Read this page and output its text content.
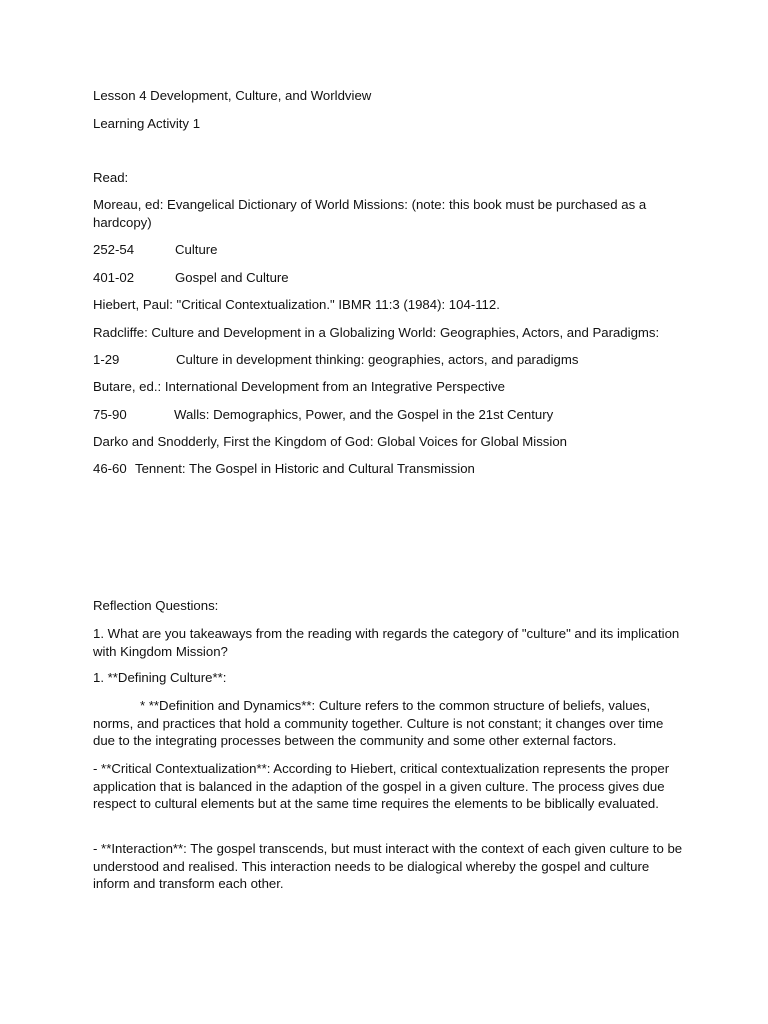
Lesson 4 Development, Culture, and Worldview

Learning Activity 1

Read:

Moreau, ed: Evangelical Dictionary of World Missions: (note: this book must be purchased as a hardcopy)

252-54	Culture
401-02	Gospel and Culture

Hiebert, Paul: "Critical Contextualization." IBMR 11:3 (1984): 104-112.

Radcliffe: Culture and Development in a Globalizing World: Geographies, Actors, and Paradigms:

1-29	Culture in development thinking: geographies, actors, and paradigms

Butare, ed.: International Development from an Integrative Perspective

75-90	Walls: Demographics, Power, and the Gospel in the 21st Century

Darko and Snodderly, First the Kingdom of God: Global Voices for Global Mission

46-60 Tennent: The Gospel in Historic and Cultural Transmission

Reflection Questions:

1. What are you takeaways from the reading with regards the category of "culture" and its implication with Kingdom Mission?

1. **Defining Culture**:

* **Definition and Dynamics**: Culture refers to the common structure of beliefs, values, norms, and practices that hold a community together. Culture is not constant; it changes over time due to the integrating processes between the community and some other external factors.

- **Critical Contextualization**: According to Hiebert, critical contextualization represents the proper application that is balanced in the adaption of the gospel in a given culture. The process gives due respect to cultural elements but at the same time requires the elements to be biblically evaluated.

- **Interaction**: The gospel transcends, but must interact with the context of each given culture to be understood and realised. This interaction needs to be dialogical whereby the gospel and culture inform and transform each other.
